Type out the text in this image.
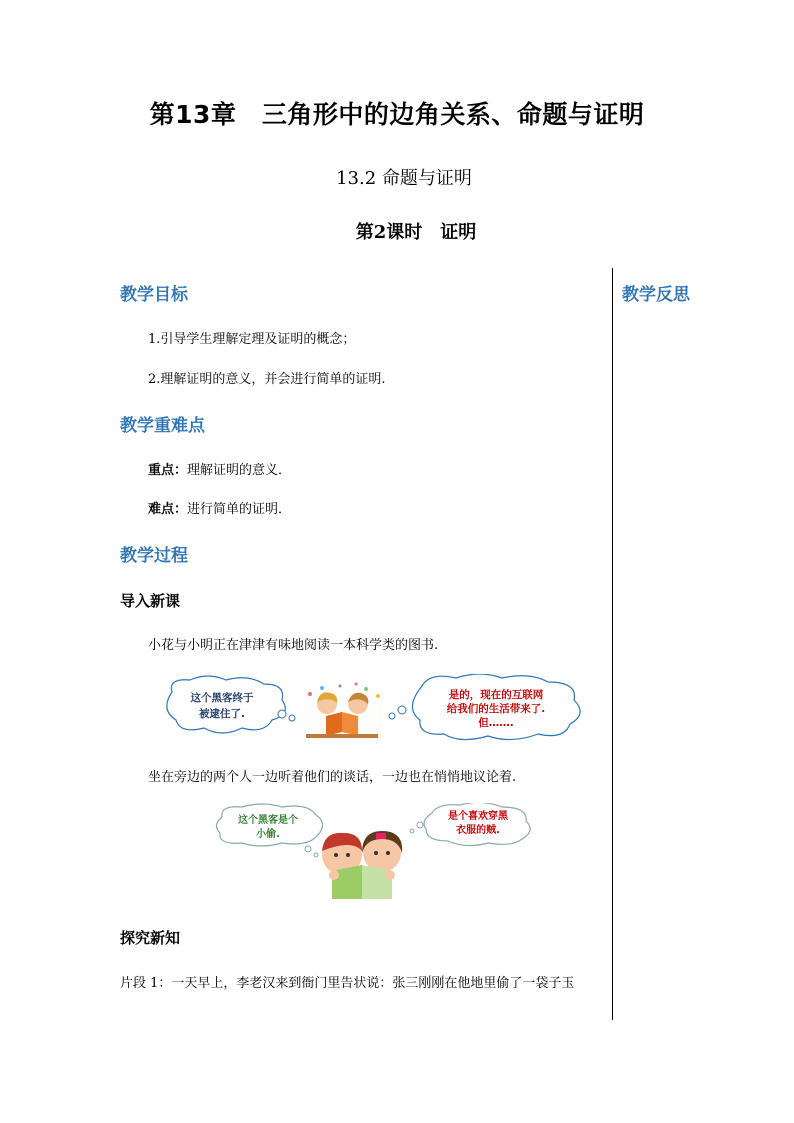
第13章　三角形中的边角关系、命题与证明
13.2 命题与证明
第2课时　证明
教学反思
教学目标
1.引导学生理解定理及证明的概念；
2.理解证明的意义，并会进行简单的证明.
教学重难点
重点：理解证明的意义．
难点：进行简单的证明．
教学过程
导入新课
小花与小明正在津津有味地阅读一本科学类的图书.
这个黑客终于
被逮住了.
是的，现在的互联网
给我们的生活带来了.
但…….
坐在旁边的两个人一边听着他们的谈话，一边也在悄悄地议论着.
这个黑客是个
小偷.
是个喜欢穿黑
衣服的贼.
探究新知
片段 1：一天早上，李老汉来到衙门里告状说：张三刚刚在他地里偷了一袋子玉
